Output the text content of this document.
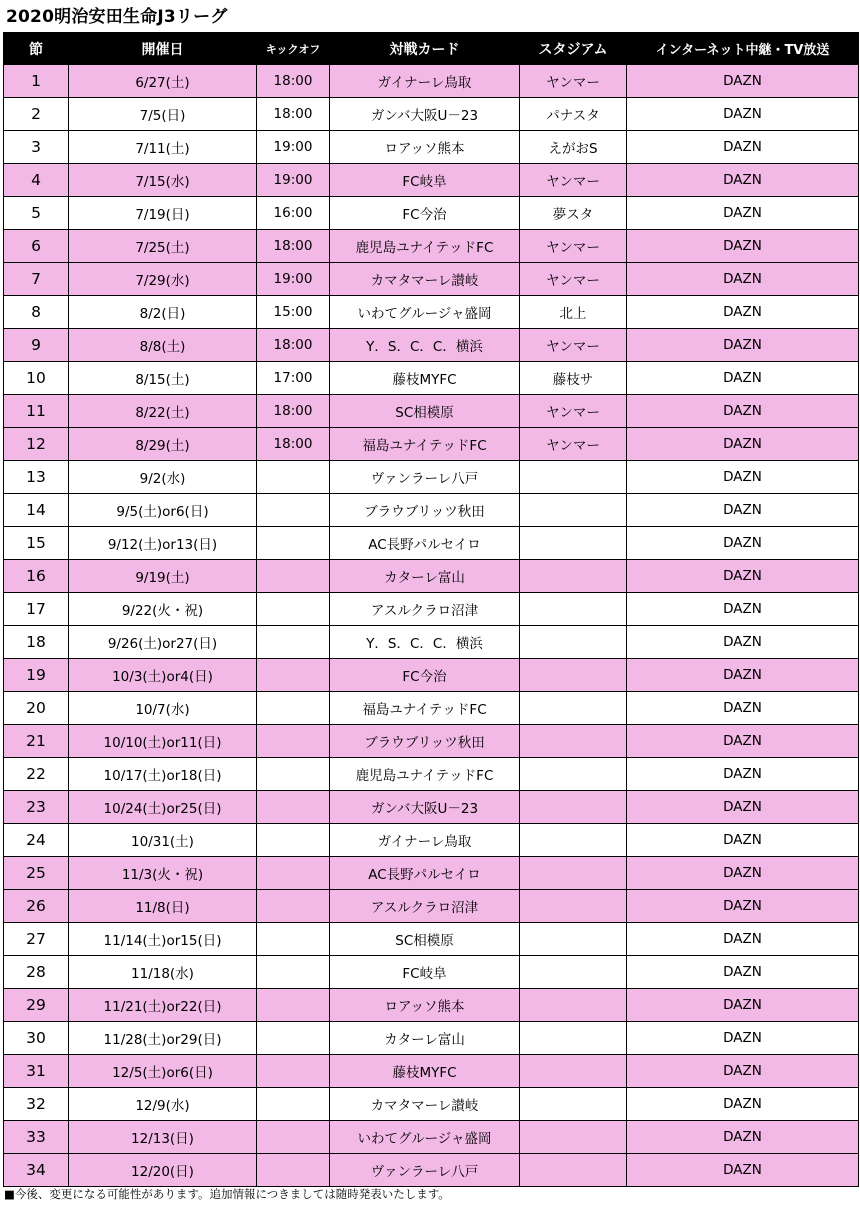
2020明治安田生命J3リーグ
節	開催日	キックオフ	対戦カード	スタジアム	インターネット中継・TV放送
1	6/27(土)	18:00	ガイナーレ鳥取	ヤンマー	DAZN
2	7/5(日)	18:00	ガンバ大阪U－23	パナスタ	DAZN
3	7/11(土)	19:00	ロアッソ熊本	えがおS	DAZN
4	7/15(水)	19:00	FC岐阜	ヤンマー	DAZN
5	7/19(日)	16:00	FC今治	夢スタ	DAZN
6	7/25(土)	18:00	鹿児島ユナイテッドFC	ヤンマー	DAZN
7	7/29(水)	19:00	カマタマーレ讃岐	ヤンマー	DAZN
8	8/2(日)	15:00	いわてグルージャ盛岡	北上	DAZN
9	8/8(土)	18:00	Y．S．C．C．横浜	ヤンマー	DAZN
10	8/15(土)	17:00	藤枝MYFC	藤枝サ	DAZN
11	8/22(土)	18:00	SC相模原	ヤンマー	DAZN
12	8/29(土)	18:00	福島ユナイテッドFC	ヤンマー	DAZN
13	9/2(水)		ヴァンラーレ八戸		DAZN
14	9/5(土)or6(日)		ブラウブリッツ秋田		DAZN
15	9/12(土)or13(日)		AC長野パルセイロ		DAZN
16	9/19(土)		カターレ富山		DAZN
17	9/22(火・祝)		アスルクラロ沼津		DAZN
18	9/26(土)or27(日)		Y．S．C．C．横浜		DAZN
19	10/3(土)or4(日)		FC今治		DAZN
20	10/7(水)		福島ユナイテッドFC		DAZN
21	10/10(土)or11(日)		ブラウブリッツ秋田		DAZN
22	10/17(土)or18(日)		鹿児島ユナイテッドFC		DAZN
23	10/24(土)or25(日)		ガンバ大阪U－23		DAZN
24	10/31(土)		ガイナーレ鳥取		DAZN
25	11/3(火・祝)		AC長野パルセイロ		DAZN
26	11/8(日)		アスルクラロ沼津		DAZN
27	11/14(土)or15(日)		SC相模原		DAZN
28	11/18(水)		FC岐阜		DAZN
29	11/21(土)or22(日)		ロアッソ熊本		DAZN
30	11/28(土)or29(日)		カターレ富山		DAZN
31	12/5(土)or6(日)		藤枝MYFC		DAZN
32	12/9(水)		カマタマーレ讃岐		DAZN
33	12/13(日)		いわてグルージャ盛岡		DAZN
34	12/20(日)		ヴァンラーレ八戸		DAZN
■今後、変更になる可能性があります。追加情報につきましては随時発表いたします。
